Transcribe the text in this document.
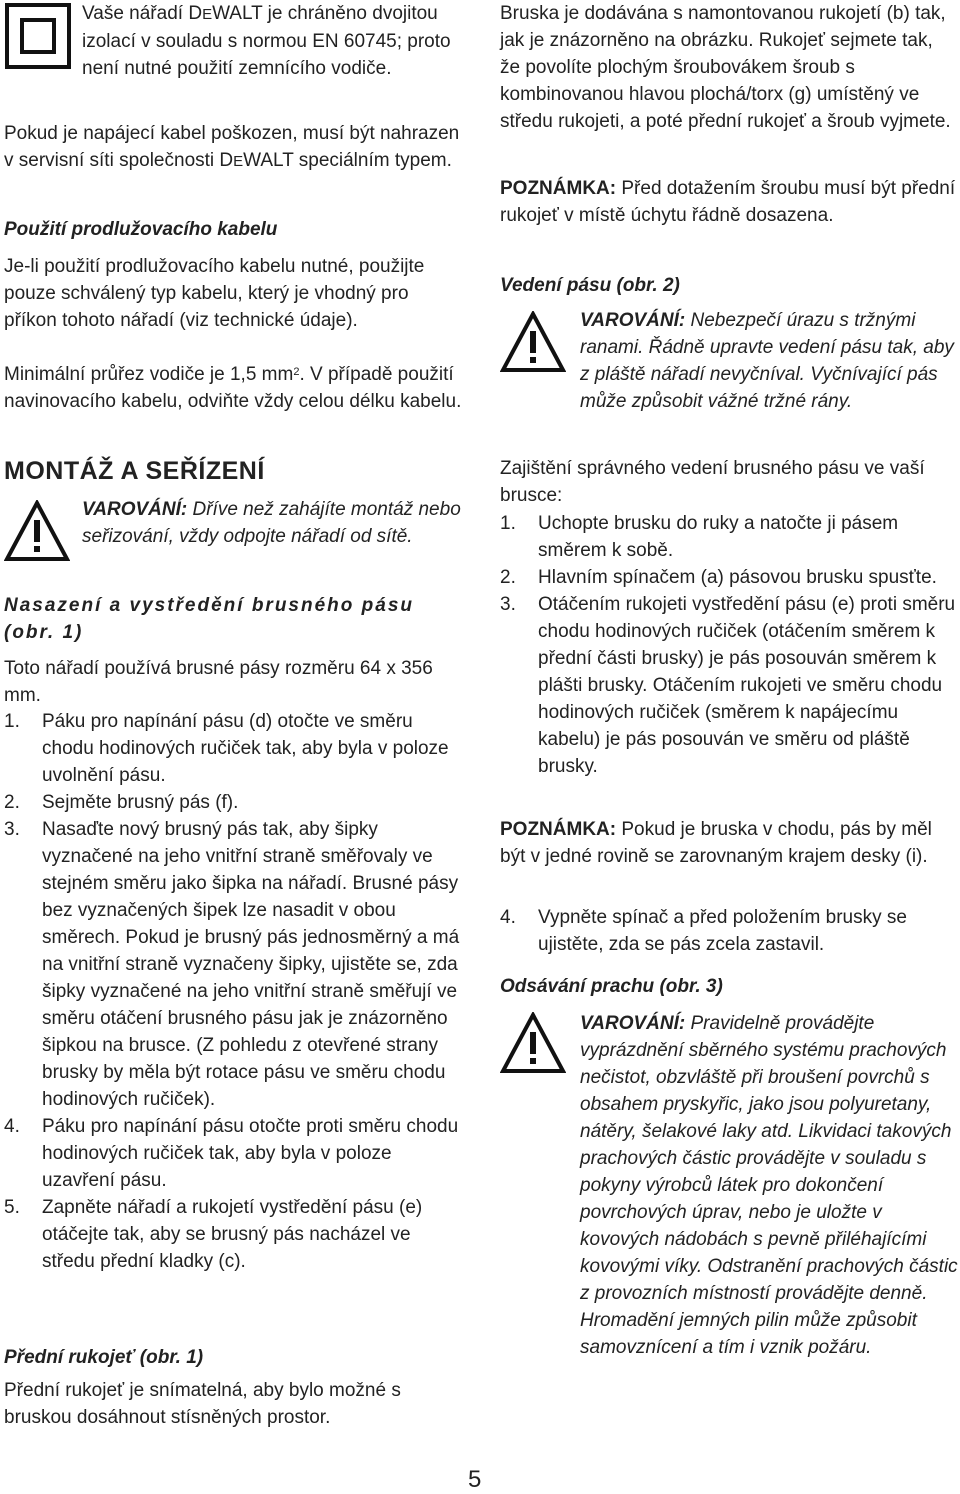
Vaše nářadí DEWALT je chráněno dvojitou izolací v souladu s normou EN 60745; proto není nutné použití zemnícího vodiče.

Pokud je napájecí kabel poškozen, musí být nahrazen v servisní síti společnosti DEWALT speciálním typem.

Použití prodlužovacího kabelu

Je-li použití prodlužovacího kabelu nutné, použijte pouze schválený typ kabelu, který je vhodný pro příkon tohoto nářadí (viz technické údaje).

Minimální průřez vodiče je 1,5 $mm^2$. V případě použití navinovacího kabelu, odviňte vždy celou délku kabelu.

MONTÁŽ A SEŘÍZENÍ

VAROVÁNÍ: Dříve než zahájíte montáž nebo seřizování, vždy odpojte nářadí od sítě.

Nasazení a vystředění brusného pásu (obr. 1)

Toto nářadí používá brusné pásy rozměru 64 x 356 mm.

1. Páku pro napínání pásu (d) otočte ve směru chodu hodinových ručiček tak, aby byla v poloze uvolnění pásu.
2. Sejměte brusný pás (f).
3. Nasaďte nový brusný pás tak, aby šipky vyznačené na jeho vnitřní straně směřovaly ve stejném směru jako šipka na nářadí. Brusné pásy bez vyznačených šipek lze nasadit v obou směrech. Pokud je brusný pás jednosměrný a má na vnitřní straně vyznačeny šipky, ujistěte se, zda šipky vyznačené na jeho vnitřní straně směřují ve směru otáčení brusného pásu jak je znázorněno šipkou na brusce. (Z pohledu z otevřené strany brusky by měla být rotace pásu ve směru chodu hodinových ručiček).
4. Páku pro napínání pásu otočte proti směru chodu hodinových ručiček tak, aby byla v poloze uzavření pásu.
5. Zapněte nářadí a rukojetí vystředění pásu (e) otáčejte tak, aby se brusný pás nacházel ve středu přední kladky (c).

Přední rukojeť (obr. 1)

Přední rukojeť je snímatelná, aby bylo možné s bruskou dosáhnout stísněných prostor.

Bruska je dodávána s namontovanou rukojetí (b) tak, jak je znázorněno na obrázku. Rukojeť sejmete tak, že povolíte plochým šroubovákem šroub s kombinovanou hlavou plochá/torx (g) umístěný ve středu rukojeti, a poté přední rukojeť a šroub vyjmete.

POZNÁMKA: Před dotažením šroubu musí být přední rukojeť v místě úchytu řádně dosazena.

Vedení pásu (obr. 2)

VAROVÁNÍ: Nebezpečí úrazu s tržnými ranami. Řádně upravte vedení pásu tak, aby z pláště nářadí nevyčníval. Vyčnívající pás může způsobit vážné tržné rány.

Zajištění správného vedení brusného pásu ve vaší brusce:

1. Uchopte brusku do ruky a natočte ji pásem směrem k sobě.
2. Hlavním spínačem (a) pásovou brusku spusťte.
3. Otáčením rukojeti vystředění pásu (e) proti směru chodu hodinových ručiček (otáčením směrem k přední části brusky) je pás posouván směrem k plášti brusky. Otáčením rukojeti ve směru chodu hodinových ručiček (směrem k napájecímu kabelu) je pás posouván ve směru od pláště brusky.

POZNÁMKA: Pokud je bruska v chodu, pás by měl být v jedné rovině se zarovnaným krajem desky (i).

4. Vypněte spínač a před položením brusky se ujistěte, zda se pás zcela zastavil.

Odsávání prachu (obr. 3)

VAROVÁNÍ: Pravidelně provádějte vyprázdnění sběrného systému prachových nečistot, obzvláště při broušení povrchů s obsahem pryskyřic, jako jsou polyuretany, nátěry, šelakové laky atd. Likvidaci takových prachových částic provádějte v souladu s pokyny výrobců látek pro dokončení povrchových úprav, nebo je uložte v kovových nádobách s pevně přiléhajícími kovovými víky. Odstranění prachových částic z provozních místností provádějte denně. Hromadění jemných pilin může způsobit samovznícení a tím i vznik požáru.

5
